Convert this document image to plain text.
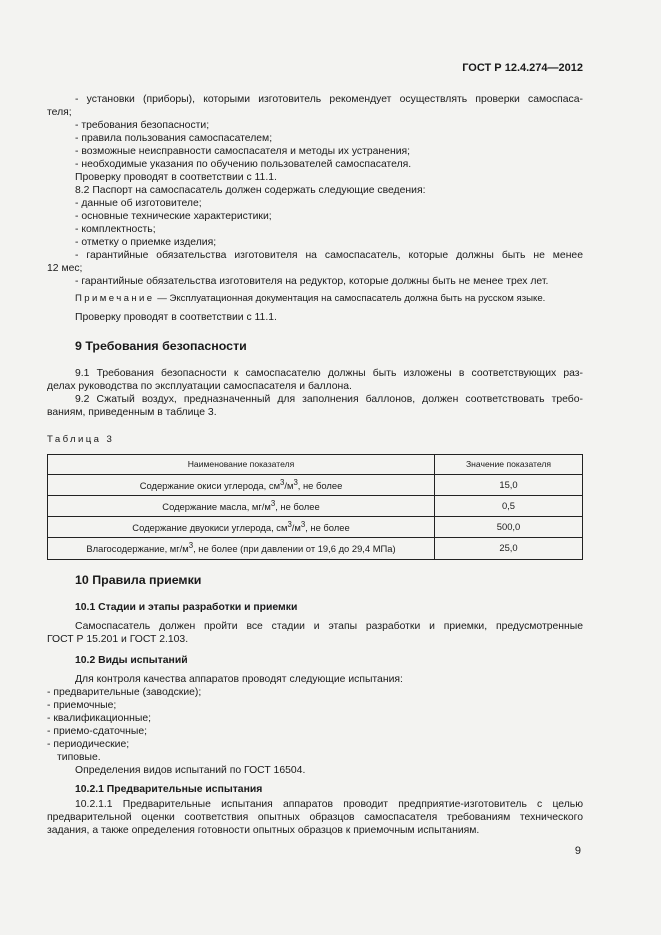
ГОСТ Р 12.4.274—2012
- установки (приборы), которыми изготовитель рекомендует осуществлять проверки самоспаса-
теля;
- требования безопасности;
- правила пользования самоспасателем;
- возможные неисправности самоспасателя и методы их устранения;
- необходимые указания по обучению пользователей самоспасателя.
Проверку проводят в соответствии с 11.1.
8.2 Паспорт на самоспасатель должен содержать следующие сведения:
- данные об изготовителе;
- основные технические характеристики;
- комплектность;
- отметку о приемке изделия;
- гарантийные обязательства изготовителя на самоспасатель, которые должны быть не менее
12 мес;
- гарантийные обязательства изготовителя на редуктор, которые должны быть не менее трех лет.
Примечание — Эксплуатационная документация на самоспасатель должна быть на русском языке.
Проверку проводят в соответствии с 11.1.
9 Требования безопасности
9.1 Требования безопасности к самоспасателю должны быть изложены в соответствующих раз-
делах руководства по эксплуатации самоспасателя и баллона.
9.2 Сжатый воздух, предназначенный для заполнения баллонов, должен соответствовать требо-
ваниям, приведенным в таблице 3.
Таблица 3
Наименование показателя	Значение показателя
Содержание окиси углерода, $см^3/м^3$, не более	15,0
Содержание масла, $мг/м^3$, не более	0,5
Содержание двуокиси углерода, $см^3/м^3$, не более	500,0
Влагосодержание, $мг/м^3$, не более (при давлении от 19,6 до 29,4 МПа)	25,0
10 Правила приемки
10.1 Стадии и этапы разработки и приемки
Самоспасатель должен пройти все стадии и этапы разработки и приемки, предусмотренные
ГОСТ Р 15.201 и ГОСТ 2.103.
10.2 Виды испытаний
Для контроля качества аппаратов проводят следующие испытания:
- предварительные (заводские);
- приемочные;
- квалификационные;
- приемо-сдаточные;
- периодические;
типовые.
Определения видов испытаний по ГОСТ 16504.
10.2.1 Предварительные испытания
10.2.1.1 Предварительные испытания аппаратов проводит предприятие-изготовитель с целью
предварительной оценки соответствия опытных образцов самоспасателя требованиям технического
задания, а также определения готовности опытных образцов к приемочным испытаниям.
9
